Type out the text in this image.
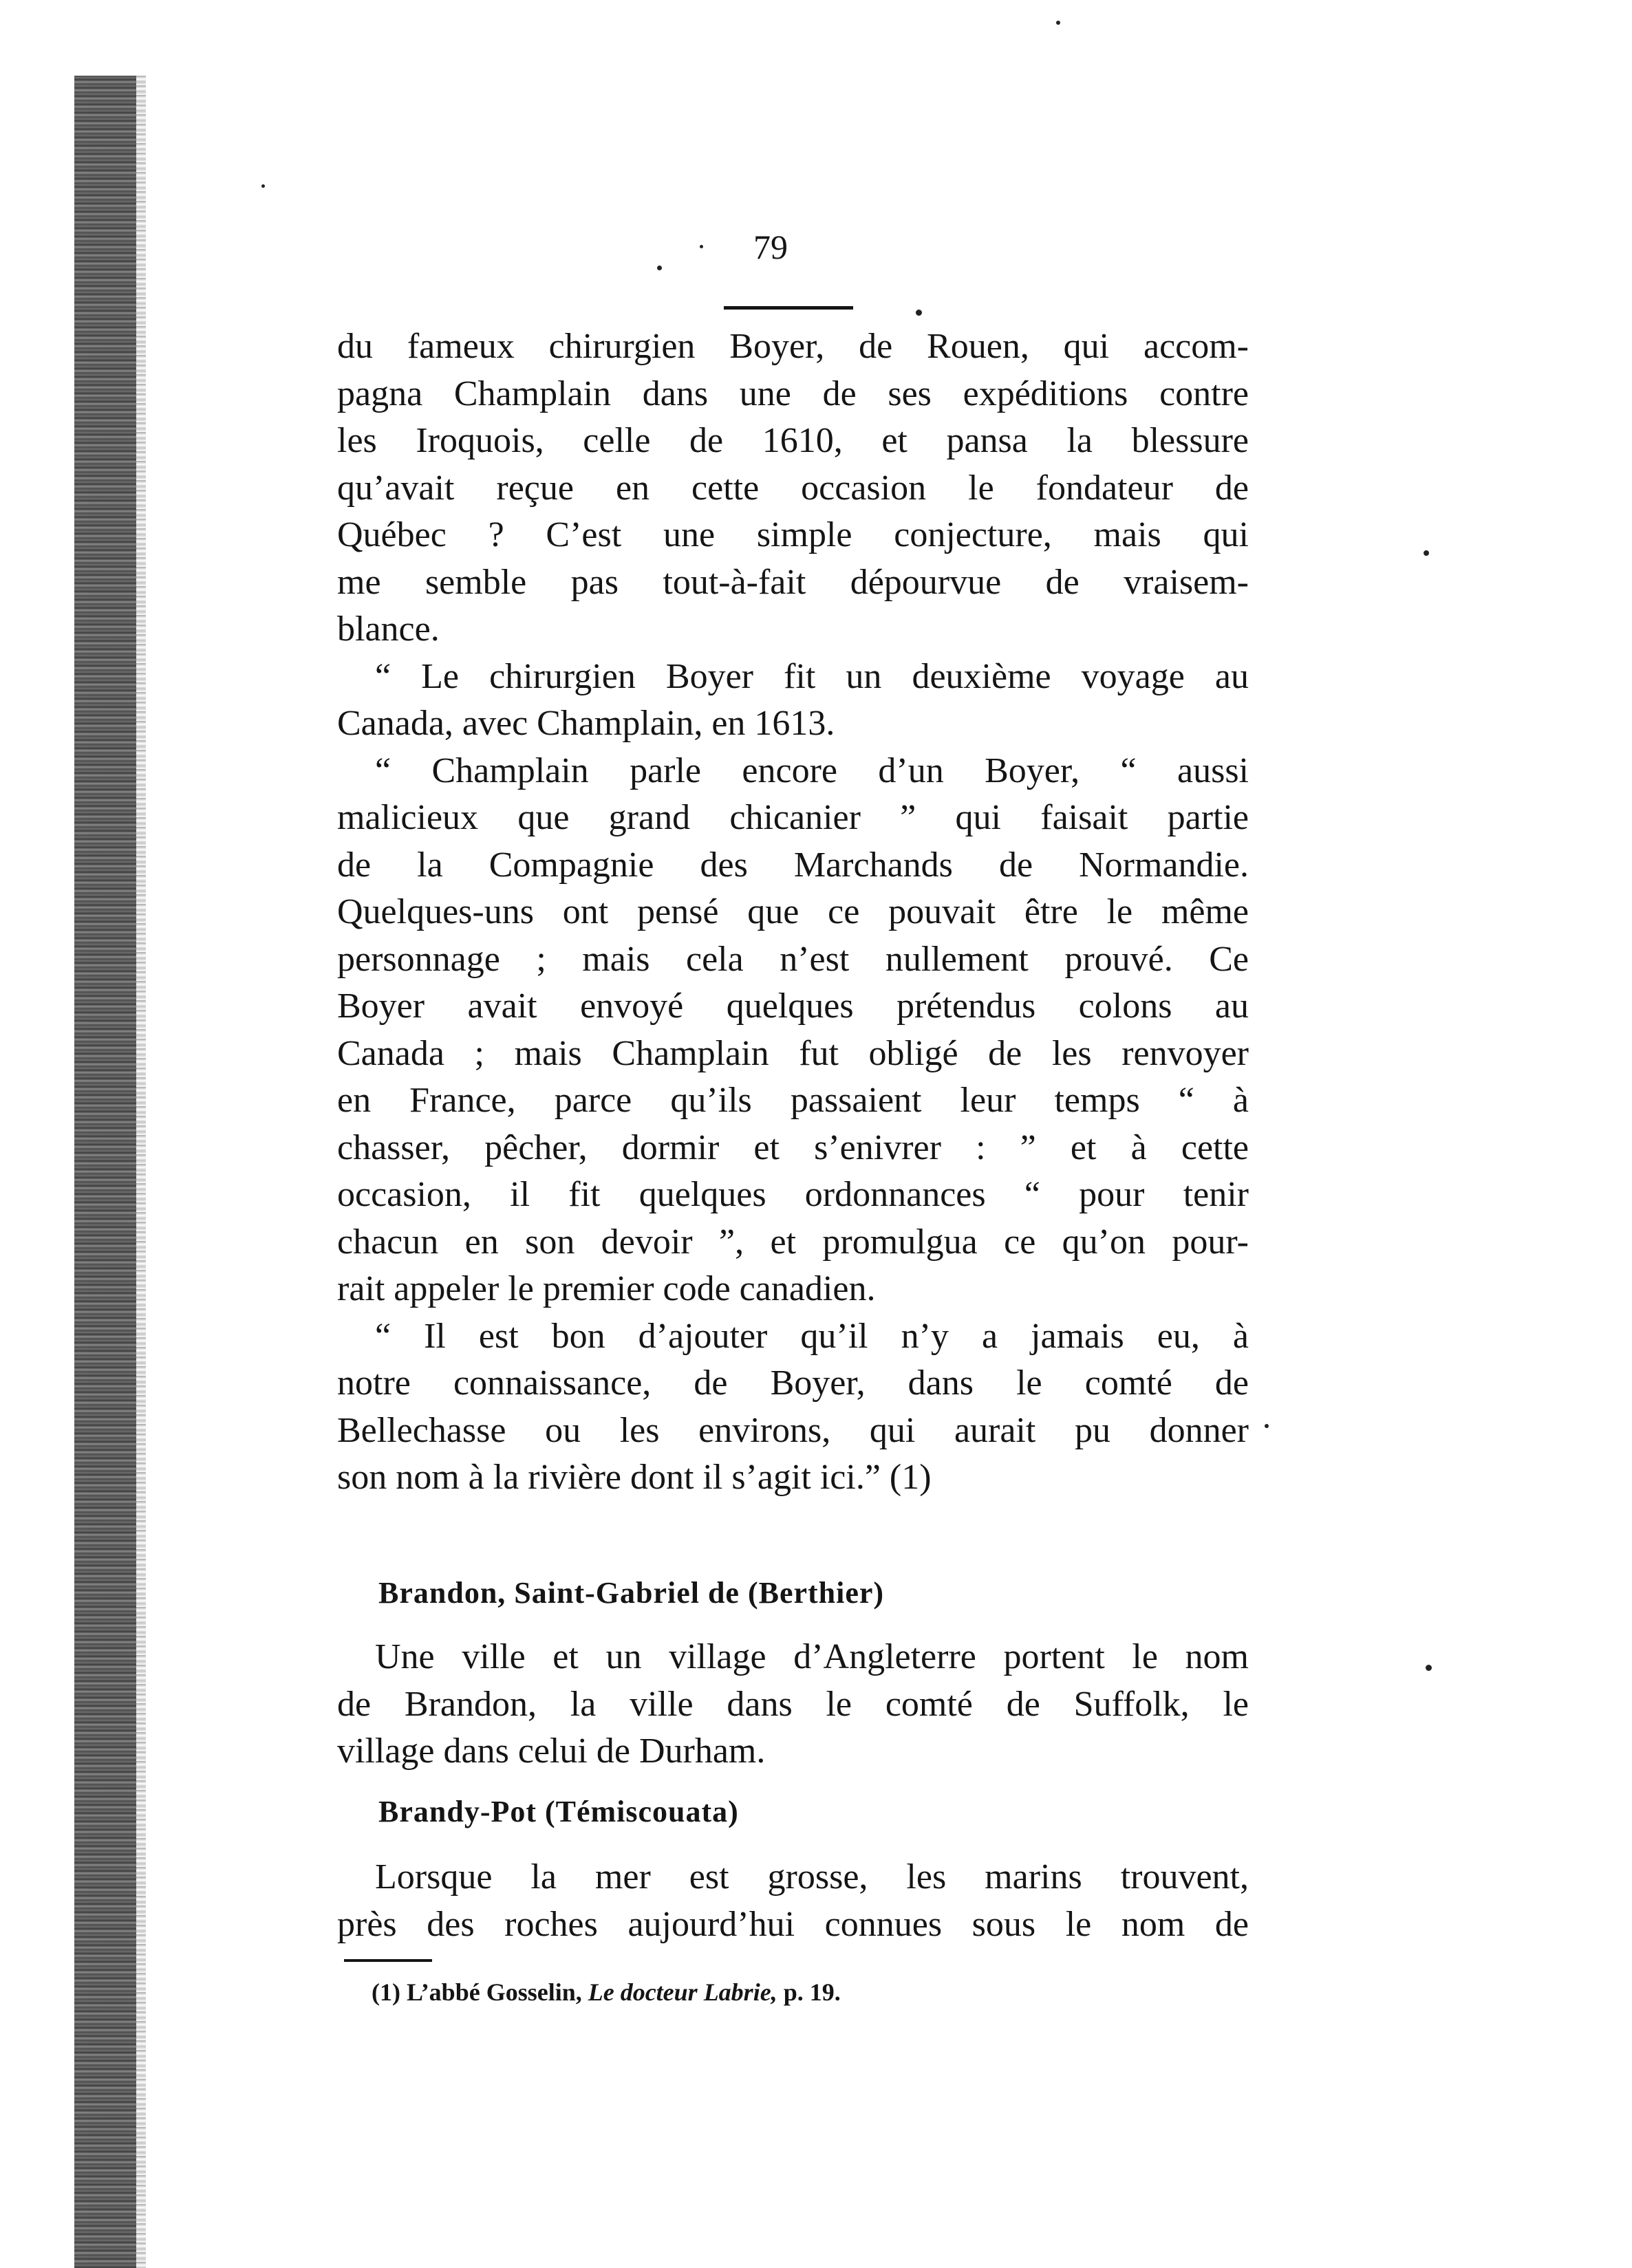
79
du fameux chirurgien Boyer, de Rouen, qui accom-
pagna Champlain dans une de ses expéditions contre
les Iroquois, celle de 1610, et pansa la blessure
qu’avait reçue en cette occasion le fondateur de
Québec ? C’est une simple conjecture, mais qui
me semble pas tout-à-fait dépourvue de vraisem-
blance.
“ Le chirurgien Boyer fit un deuxième voyage au
Canada, avec Champlain, en 1613.
“ Champlain parle encore d’un Boyer, “ aussi
malicieux que grand chicanier ” qui faisait partie
de la Compagnie des Marchands de Normandie.
Quelques-uns ont pensé que ce pouvait être le même
personnage ; mais cela n’est nullement prouvé. Ce
Boyer avait envoyé quelques prétendus colons au
Canada ; mais Champlain fut obligé de les renvoyer
en France, parce qu’ils passaient leur temps “ à
chasser, pêcher, dormir et s’enivrer : ” et à cette
occasion, il fit quelques ordonnances “ pour tenir
chacun en son devoir ”, et promulgua ce qu’on pour-
rait appeler le premier code canadien.
“ Il est bon d’ajouter qu’il n’y a jamais eu, à
notre connaissance, de Boyer, dans le comté de
Bellechasse ou les environs, qui aurait pu donner
son nom à la rivière dont il s’agit ici.” (1)
Brandon, Saint-Gabriel de (Berthier)
Une ville et un village d’Angleterre portent le nom
de Brandon, la ville dans le comté de Suffolk, le
village dans celui de Durham.
Brandy-Pot (Témiscouata)
Lorsque la mer est grosse, les marins trouvent,
près des roches aujourd’hui connues sous le nom de
(1) L’abbé Gosselin, Le docteur Labrie, p. 19.
